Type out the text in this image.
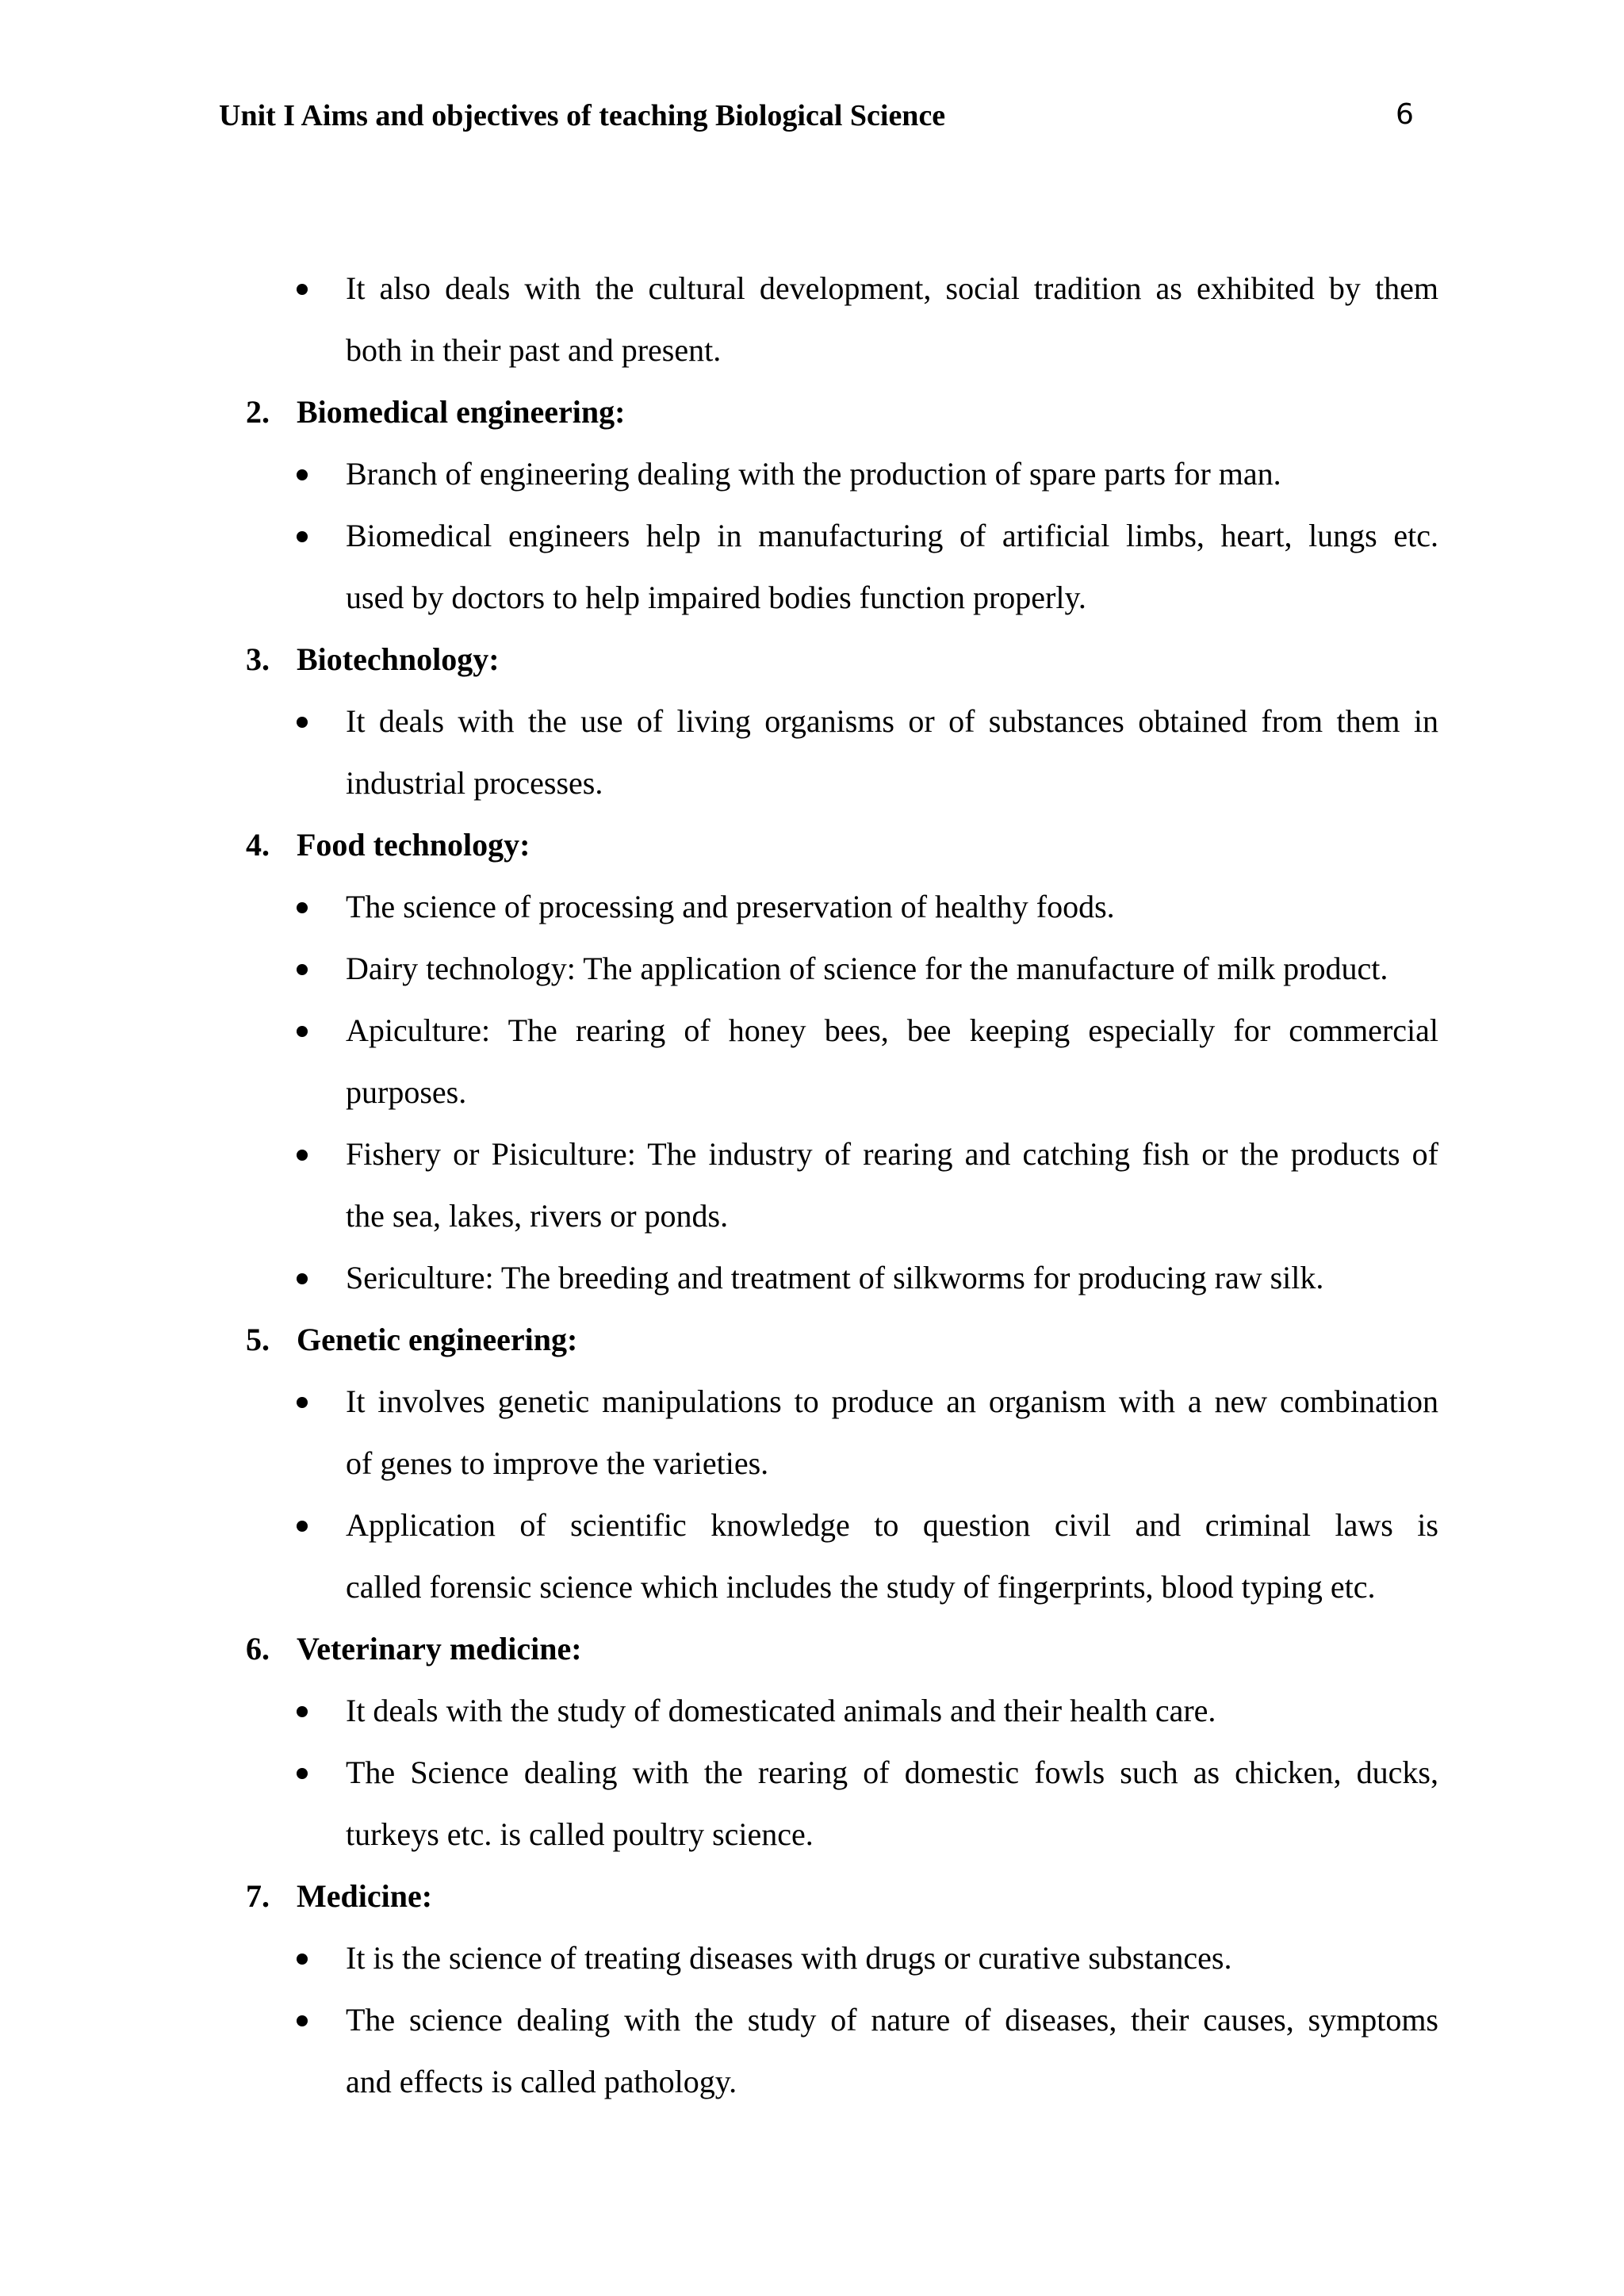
Unit I Aims and objectives of teaching Biological Science	6
It also deals with the cultural development, social tradition as exhibited by them
both in their past and present.
2. Biomedical engineering:
Branch of engineering dealing with the production of spare parts for man.
Biomedical engineers help in manufacturing of artificial limbs, heart, lungs etc.
used by doctors to help impaired bodies function properly.
3. Biotechnology:
It deals with the use of living organisms or of substances obtained from them in
industrial processes.
4. Food technology:
The science of processing and preservation of healthy foods.
Dairy technology: The application of science for the manufacture of milk product.
Apiculture: The rearing of honey bees, bee keeping especially for commercial
purposes.
Fishery or Pisiculture: The industry of rearing and catching fish or the products of
the sea, lakes, rivers or ponds.
Sericulture: The breeding and treatment of silkworms for producing raw silk.
5. Genetic engineering:
It involves genetic manipulations to produce an organism with a new combination
of genes to improve the varieties.
Application of scientific knowledge to question civil and criminal laws is
called forensic science which includes the study of fingerprints, blood typing etc.
6. Veterinary medicine:
It deals with the study of domesticated animals and their health care.
The Science dealing with the rearing of domestic fowls such as chicken, ducks,
turkeys etc. is called poultry science.
7. Medicine:
It is the science of treating diseases with drugs or curative substances.
The science dealing with the study of nature of diseases, their causes, symptoms
and effects is called pathology.
